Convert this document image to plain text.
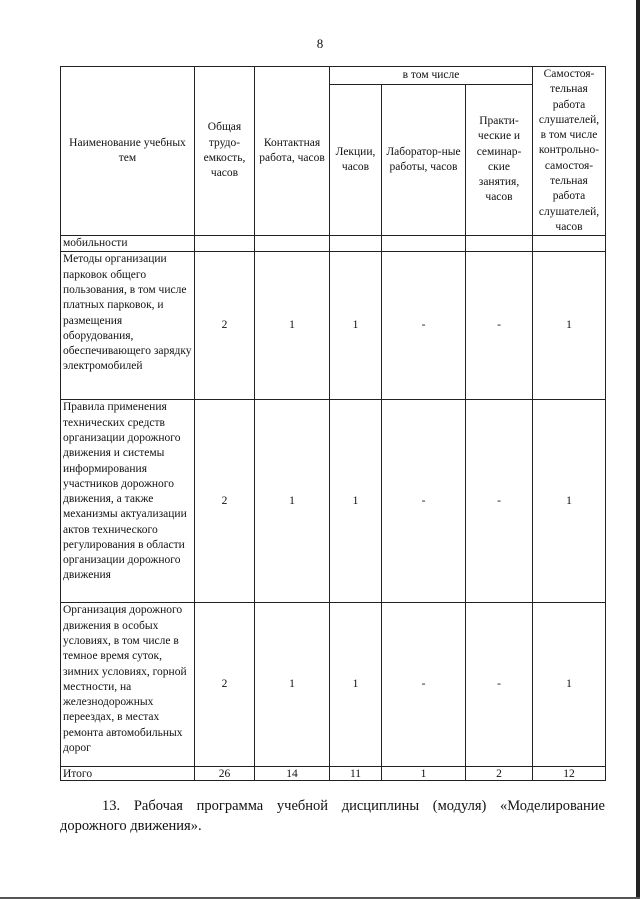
8
Наименование учебных тем	Общая трудо-емкость, часов	Контактная работа, часов	в том числе			Самостоя-тельная работа слушателей, в том числе контрольно-самостоя-тельная работа слушателей, часов
			Лекции, часов	Лаборатор-ные работы, часов	Практи-ческие и семинар-ские занятия, часов	
мобильности						
Методы организации парковок общего пользования, в том числе платных парковок, и размещения оборудования, обеспечивающего зарядку электромобилей	2	1	1	-	-	1
Правила применения технических средств организации дорожного движения и системы информирования участников дорожного движения, а также механизмы актуализации актов технического регулирования в области организации дорожного движения	2	1	1	-	-	1
Организация дорожного движения в особых условиях, в том числе в темное время суток, зимних условиях, горной местности, на железнодорожных переездах, в местах ремонта автомобильных дорог	2	1	1	-	-	1
Итого	26	14	11	1	2	12
13. Рабочая программа учебной дисциплины (модуля) «Моделирование дорожного движения».
